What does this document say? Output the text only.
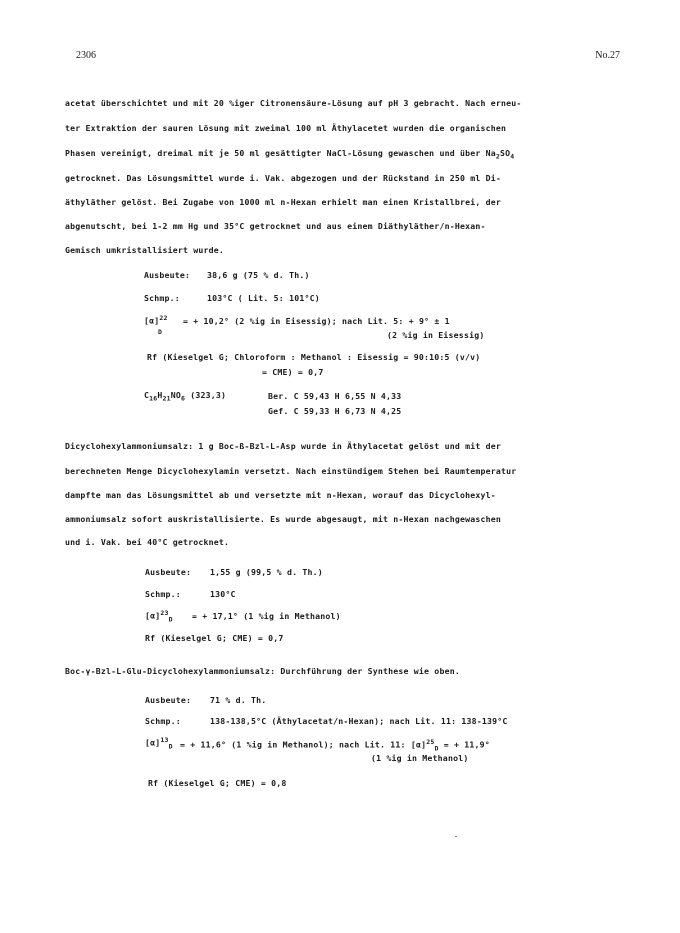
2306	No.27
acetat überschichtet und mit 20 %iger Citronensäure-Lösung auf pH 3 gebracht. Nach erneu-
ter Extraktion der sauren Lösung mit zweimal 100 ml Äthylacetet wurden die organischen
Phasen vereinigt, dreimal mit je 50 ml gesättigter NaCl-Lösung gewaschen und über $Na_2SO_4$
getrocknet. Das Lösungsmittel wurde i. Vak. abgezogen und der Rückstand in 250 ml Di-
äthyläther gelöst. Bei Zugabe von 1000 ml n-Hexan erhielt man einen Kristallbrei, der
abgenutscht, bei 1-2 mm Hg und 35°C getrocknet und aus einem Diäthyläther/n-Hexan-
Gemisch umkristallisiert wurde.
Ausbeute: 38,6 g (75 % d. Th.)
Schmp.:	103°C ( Lit. 5: 101°C)
$[\alpha]^{22}$
D
= + 10,2° (2 %ig in Eisessig); nach Lit. 5: + 9° ± 1
(2 %ig in Eisessig)
Rf (Kieselgel G; Chloroform : Methanol : Eisessig = 90:10:5 (v/v)
= CME) = 0,7
$C_{16}H_{21}NO_6$ (323,3)	Ber. C 59,43 H 6,55 N 4,33
Gef. C 59,33 H 6,73 N 4,25
Dicyclohexylammoniumsalz: 1 g Boc-ß-Bzl-L-Asp wurde in Äthylacetat gelöst und mit der
berechneten Menge Dicyclohexylamin versetzt. Nach einstündigem Stehen bei Raumtemperatur
dampfte man das Lösungsmittel ab und versetzte mit n-Hexan, worauf das Dicyclohexyl-
ammoniumsalz sofort auskristallisierte. Es wurde abgesaugt, mit n-Hexan nachgewaschen
und i. Vak. bei 40°C getrocknet.
Ausbeute: 1,55 g (99,5 % d. Th.)
Schmp.:	130°C
$[\alpha]^{23}_D$ = + 17,1° (1 %ig in Methanol)
Rf (Kieselgel G; CME) = 0,7
Boc-γ-Bzl-L-Glu-Dicyclohexylammoniumsalz: Durchführung der Synthese wie oben.
Ausbeute: 71 % d. Th.
Schmp.:	138-138,5°C (Äthylacetat/n-Hexan); nach Lit. 11: 138-139°C
$[\alpha]^{13}_D$ = + 11,6° (1 %ig in Methanol); nach Lit. 11: $[\alpha]^{25}_D$ = + 11,9°
(1 %ig in Methanol)
Rf (Kieselgel G; CME) = 0,8
